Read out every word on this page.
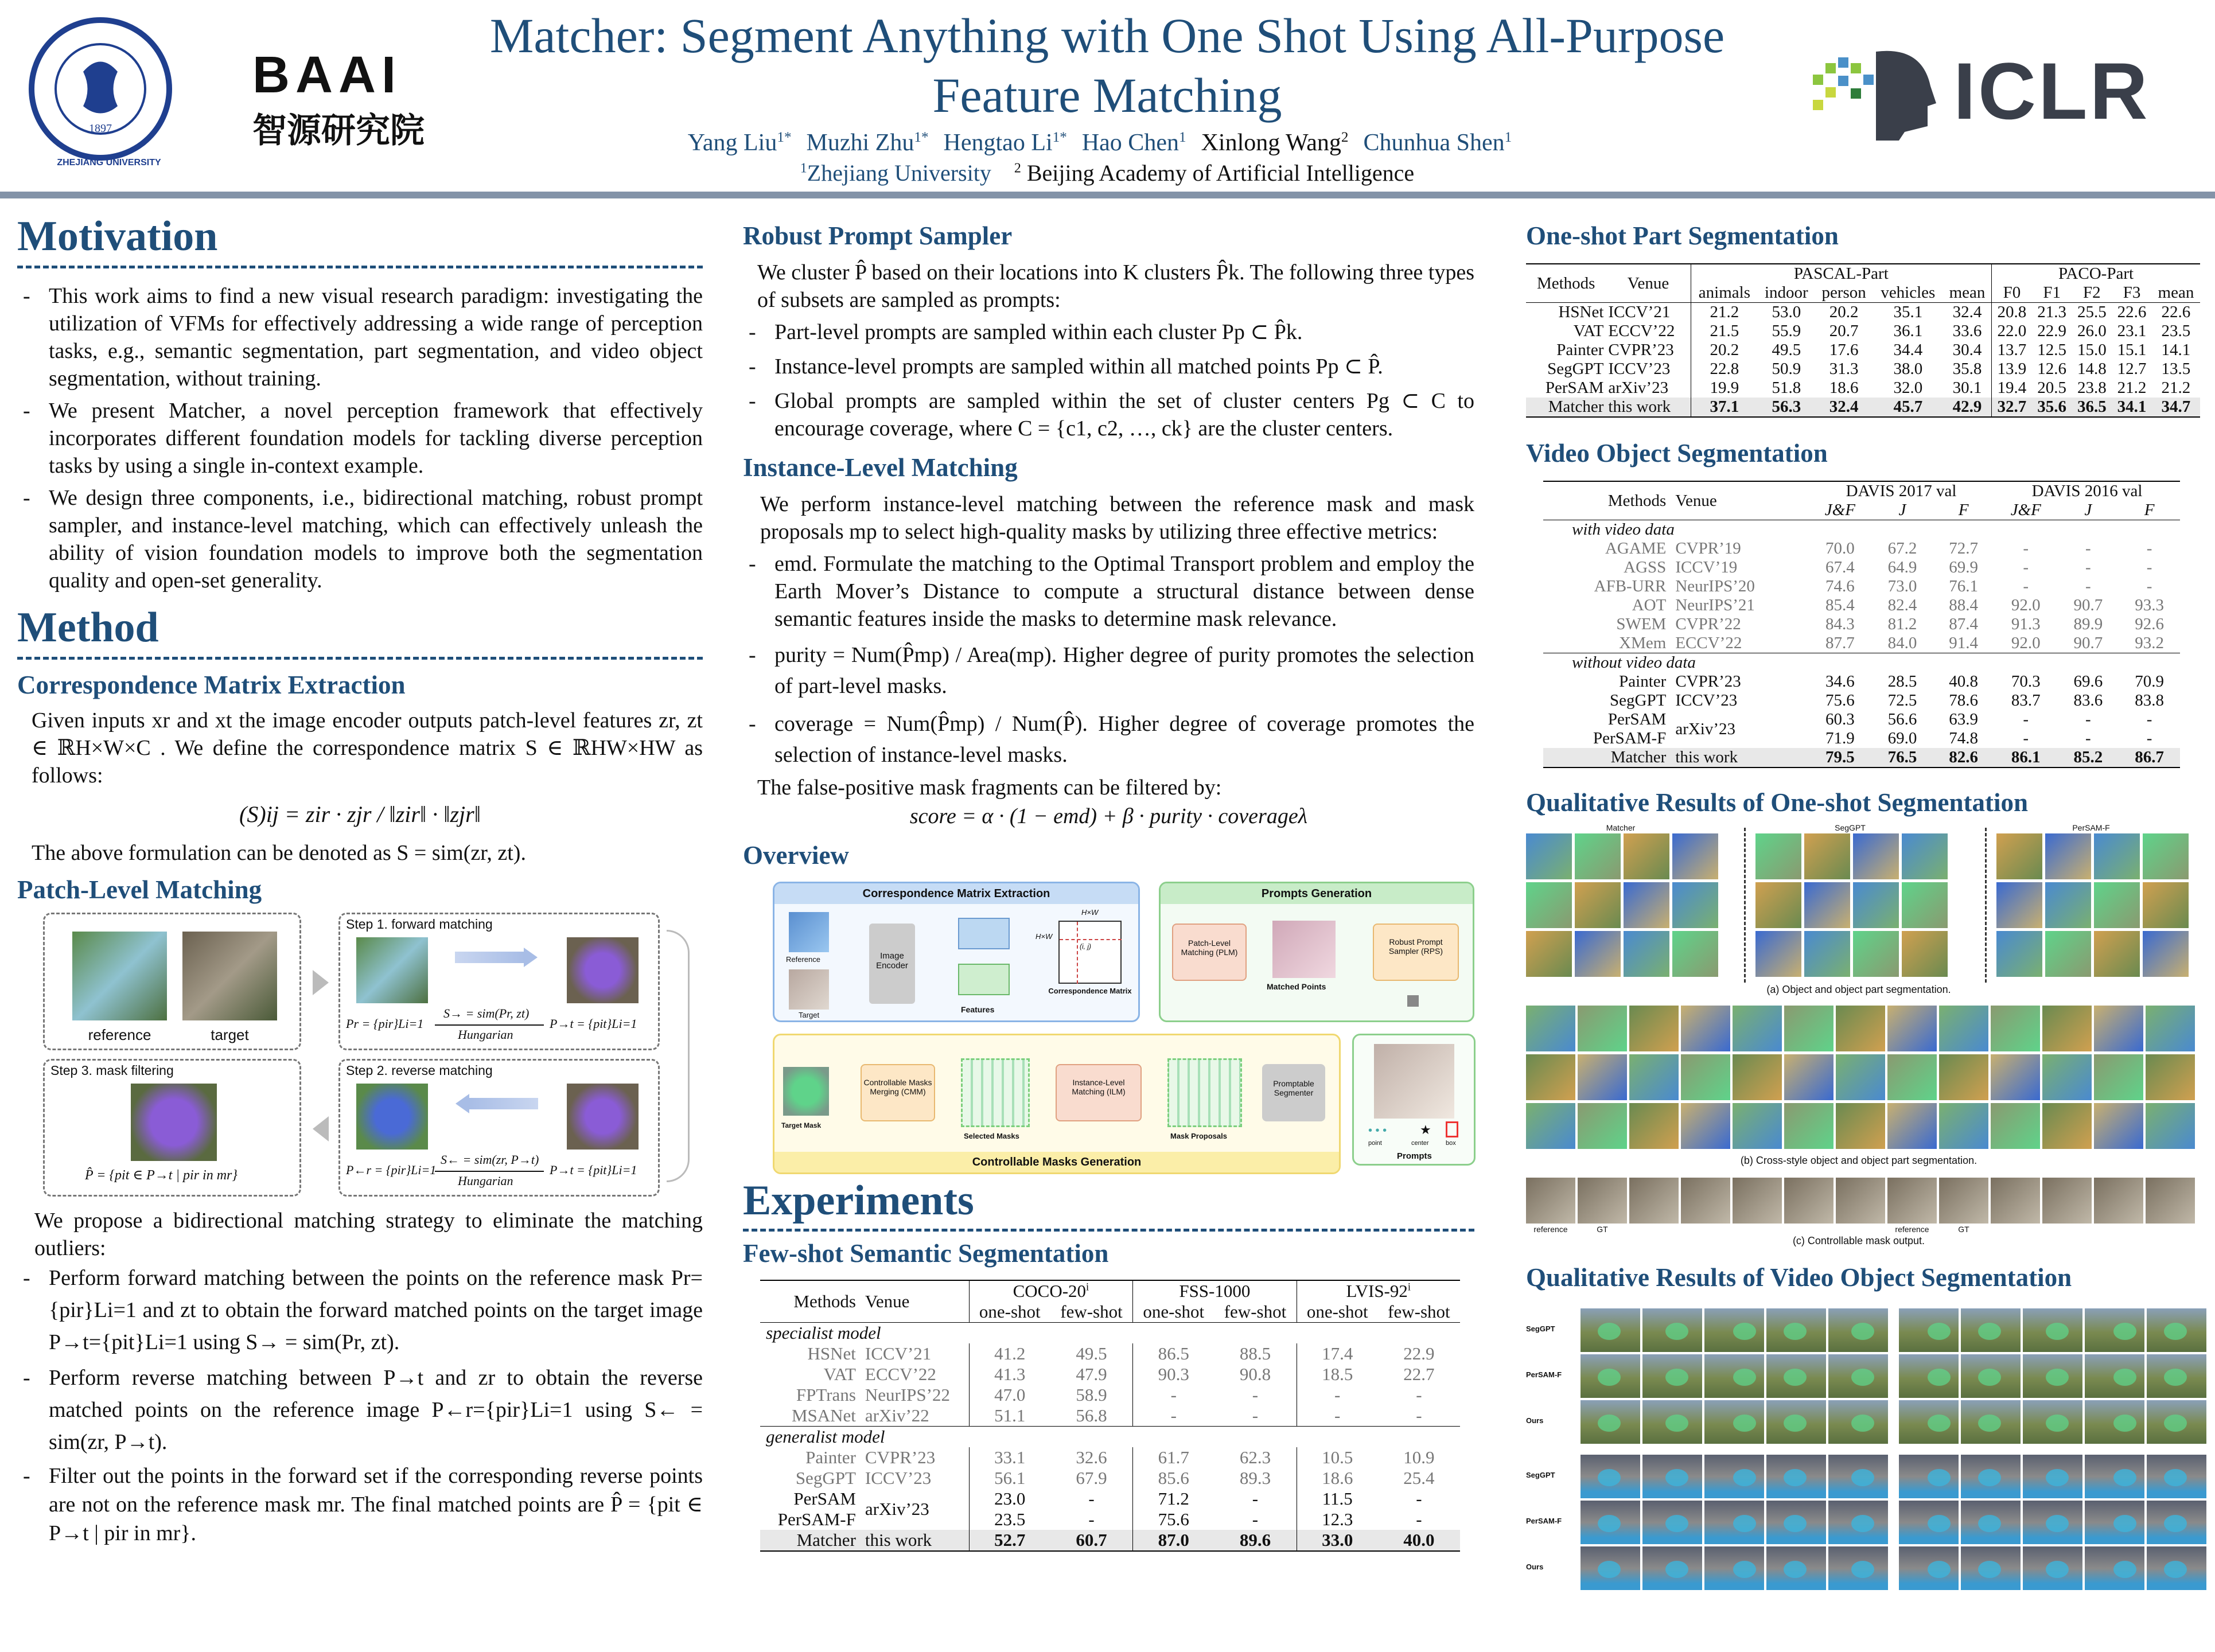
1897
ZHEJIANG UNIVERSITY
BAAI
智源研究院
Matcher: Segment Anything with One Shot Using All-Purpose
Feature Matching
Yang Liu$^{1*}$ Muzhi Zhu$^{1*}$ Hengtao $Li^{1*}$ Hao Chen$^1$ Xinlong Wang$^2$ Chunhua Shen$^1$
$^1$Zhejiang University $^2$ Beijing Academy of Artificial Intelligence
ICLR
Motivation
- This work aims to find a new visual research paradigm: investigating the utilization of VFMs for effectively addressing a wide range of perception tasks, e.g., semantic segmentation, part segmentation, and video object segmentation, without training.
- We present Matcher, a novel perception framework that effectively incorporates different foundation models for tackling diverse perception tasks by using a single in-context example.
- We design three components, i.e., bidirectional matching, robust prompt sampler, and instance-level matching, which can effectively unleash the ability of vision foundation models to improve both the segmentation quality and open-set generality.
Method
Correspondence Matrix Extraction
Given inputs xr and xt the image encoder outputs patch-level features zr, zt ∈ ℝH×W×C . We define the correspondence matrix S ∈ ℝHW×HW as follows:
(S)ij = zir · zjr / ‖zir‖ · ‖zjr‖
The above formulation can be denoted as S = sim(zr, zt).
Patch-Level Matching
reference	target
Step 1. forward matching
S→ = sim(Pr, zt)
Hungarian
Pr = {pir}Li=1	P→t = {pit}Li=1
Step 3. mask filtering
P̂ = {pit ∈ P→t | pir in mr}
Step 2. reverse matching
S← = sim(zr, P→t)
Hungarian
P←r = {pir}Li=1	P→t = {pit}Li=1
We propose a bidirectional matching strategy to eliminate the matching outliers:
- Perform forward matching between the points on the reference mask Pr={pir}Li=1 and zt to obtain the forward matched points on the target image P→t={pit}Li=1 using S→ = sim(Pr, zt).
- Perform reverse matching between P→t and zr to obtain the reverse matched points on the reference image P←r={pir}Li=1 using S← = sim(zr, P→t).
- Filter out the points in the forward set if the corresponding reverse points are not on the reference mask mr. The final matched points are P̂ = {pit ∈ P→t | pir in mr}.
Robust Prompt Sampler
We cluster P̂ based on their locations into K clusters P̂k. The following three types of subsets are sampled as prompts:
- Part-level prompts are sampled within each cluster Pp ⊂ P̂k.
- Instance-level prompts are sampled within all matched points Pp ⊂ P̂.
- Global prompts are sampled within the set of cluster centers Pg ⊂ C to encourage coverage, where C = {c1, c2, …, ck} are the cluster centers.
Instance-Level Matching
We perform instance-level matching between the reference mask and mask proposals mp to select high-quality masks by utilizing three effective metrics:
- emd. Formulate the matching to the Optimal Transport problem and employ the Earth Mover’s Distance to compute a structural distance between dense semantic features inside the masks to determine mask relevance.
- purity = Num(P̂mp) / Area(mp). Higher degree of purity promotes the selection of part-level masks.
- coverage = Num(P̂mp) / Num(P̂). Higher degree of coverage promotes the selection of instance-level masks.
The false-positive mask fragments can be filtered by:
score = α · (1 − emd) + β · purity · coverageλ
Overview
Correspondence Matrix Extraction
Reference
Target
Image Encoder
Features
(i, j)
H×W
H×W
Correspondence Matrix
Prompts Generation
Patch-Level Matching (PLM)
Matched Points
Robust Prompt Sampler (RPS)
• • •	★
point	center	box
Prompts
Controllable Masks Generation
Target Mask
Controllable Masks Merging (CMM)
Selected Masks
Instance-Level Matching (ILM)
Mask Proposals
Promptable Segmenter
Experiments
Few-shot Semantic Segmentation
Methods	Venue	COCO-20$^i$		FSS-1000		LVIS-92$^i$
		one-shot	few-shot	one-shot	few-shot	one-shot	few-shot
specialist model							
HSNet	ICCV’21	41.2	49.5	86.5	88.5	17.4	22.9
VAT	ECCV’22	41.3	47.9	90.3	90.8	18.5	22.7
FPTrans	NeurIPS’22	47.0	58.9	-	-	-	-
MSANet	arXiv’22	51.1	56.8	-	-	-	-
generalist model							
Painter	CVPR’23	33.1	32.6	61.7	62.3	10.5	10.9
SegGPT	ICCV’23	56.1	67.9	85.6	89.3	18.6	25.4
PerSAM	arXiv’23	23.0	-	71.2	-	11.5	-
PerSAM-F		23.5	-	75.6	-	12.3	-
Matcher	this work	52.7	60.7	87.0	89.6	33.0	40.0
One-shot Part Segmentation
Methods	Venue	PASCAL-Part					PACO-Part				
		animals	indoor	person	vehicles	mean	F0	F1	F2	F3	mean
HSNet	ICCV’21	21.2	53.0	20.2	35.1	32.4	20.8	21.3	25.5	22.6	22.6
VAT	ECCV’22	21.5	55.9	20.7	36.1	33.6	22.0	22.9	26.0	23.1	23.5
Painter	CVPR’23	20.2	49.5	17.6	34.4	30.4	13.7	12.5	15.0	15.1	14.1
SegGPT	ICCV’23	22.8	50.9	31.3	38.0	35.8	13.9	12.6	14.8	12.7	13.5
PerSAM	arXiv’23	19.9	51.8	18.6	32.0	30.1	19.4	20.5	23.8	21.2	21.2
Matcher	this work	37.1	56.3	32.4	45.7	42.9	32.7	35.6	36.5	34.1	34.7
Video Object Segmentation
Methods	Venue	DAVIS 2017 val			DAVIS 2016 val		
		J&F	J	F	J&F	J	F
with video data							
AGAME	CVPR’19	70.0	67.2	72.7	-	-	-
AGSS	ICCV’19	67.4	64.9	69.9	-	-	-
AFB-URR	NeurIPS’20	74.6	73.0	76.1	-	-	-
AOT	NeurIPS’21	85.4	82.4	88.4	92.0	90.7	93.3
SWEM	CVPR’22	84.3	81.2	87.4	91.3	89.9	92.6
XMem	ECCV’22	87.7	84.0	91.4	92.0	90.7	93.2
without video data							
Painter	CVPR’23	34.6	28.5	40.8	70.3	69.6	70.9
SegGPT	ICCV’23	75.6	72.5	78.6	83.7	83.6	83.8
PerSAM	arXiv’23	60.3	56.6	63.9	-	-	-
PerSAM-F		71.9	69.0	74.8	-	-	-
Matcher	this work	79.5	76.5	82.6	86.1	85.2	86.7
Qualitative Results of One-shot Segmentation
Matcher	SegGPT	PerSAM-F
(a) Object and object part segmentation.
(b) Cross-style object and object part segmentation.
reference	GT	reference	GT
(c) Controllable mask output.
Qualitative Results of Video Object Segmentation
SegGPT
PerSAM-F
Ours
SegGPT
PerSAM-F
Ours
